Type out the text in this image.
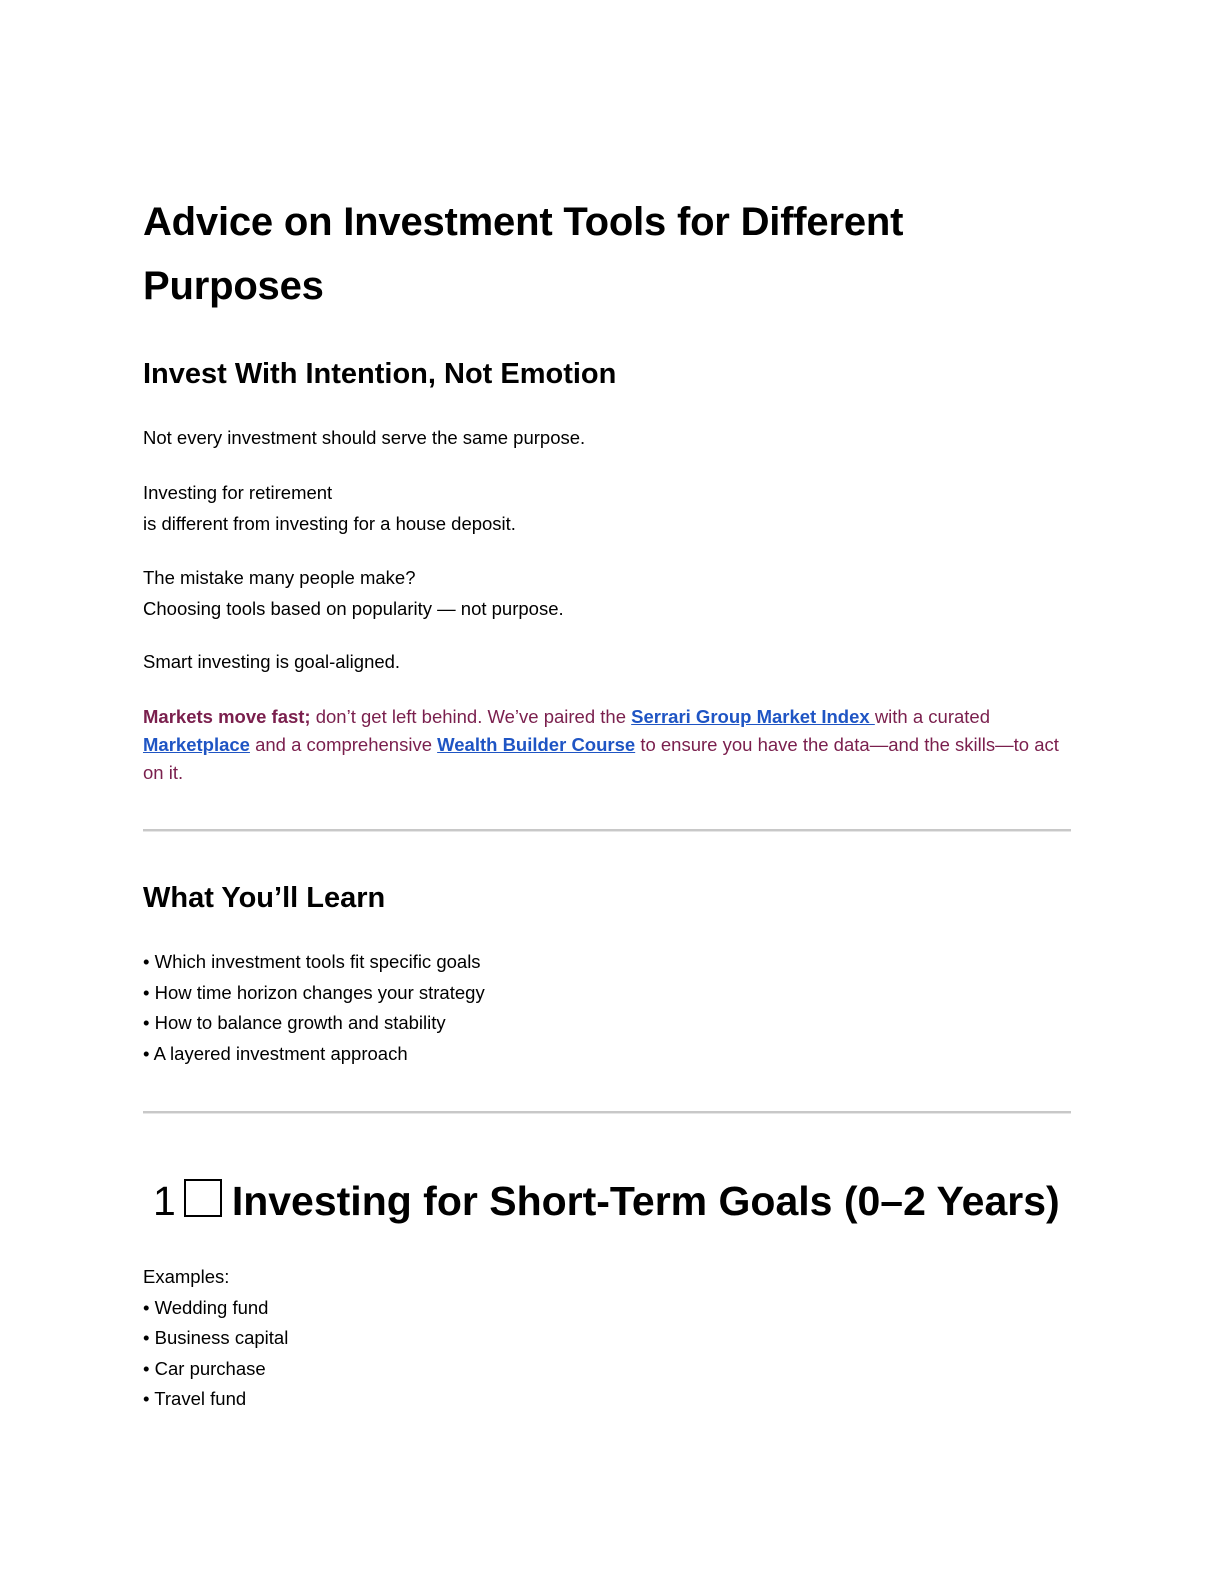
Advice on Investment Tools for Different Purposes
Invest With Intention, Not Emotion

Not every investment should serve the same purpose.

Investing for retirement
is different from investing for a house deposit.

The mistake many people make?
Choosing tools based on popularity — not purpose.

Smart investing is goal-aligned.

Markets move fast; don’t get left behind. We’ve paired the Serrari Group Market Index with a curated Marketplace and a comprehensive Wealth Builder Course to ensure you have the data—and the skills—to act on it.

What You’ll Learn

• Which investment tools fit specific goals
• How time horizon changes your strategy
• How to balance growth and stability
• A layered investment approach

1 Investing for Short-Term Goals (0–2 Years)

Examples:
• Wedding fund
• Business capital
• Car purchase
• Travel fund
